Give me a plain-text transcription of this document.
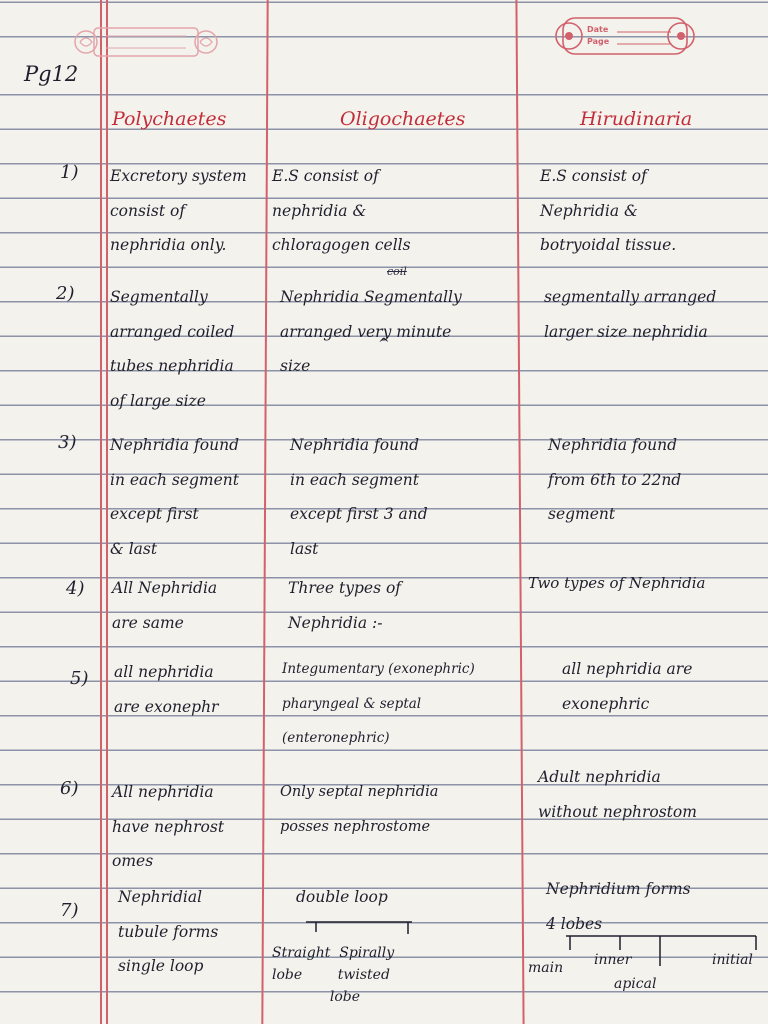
Date
Page
Pg12
Polychaetes	Oligochaetes	Hirudinaria
1) Excretory system
consist of
nephridia only.
E.S consist of
nephridia &
chloragogen cells
E.S consist of
Nephridia &
botryoidal tissue.
2) Segmentally
arranged coiled
tubes nephridia
of large size
Nephridia Segmentally
arranged very minute
size
coil
^
segmentally arranged
larger size nephridia
3) Nephridia found
in each segment
except first
& last
Nephridia found
in each segment
except first 3 and
last
Nephridia found
from 6th to 22nd
segment
4) All Nephridia
are same
Three types of
Nephridia :-
Two types of Nephridia
5) all nephridia
are exonephr
Integumentary (exonephric)
pharyngeal & septal
(enteronephric)
all nephridia are
exonephric
6) All nephridia
have nephrost
omes
Only septal nephridia
posses nephrostome
Adult nephridia
without nephrostom
7)
Nephridial
tubule forms
single loop
double loop
Straight  Spirally
lobe        twisted
lobe
Nephridium forms
4 lobes
main inner
apical
initial
